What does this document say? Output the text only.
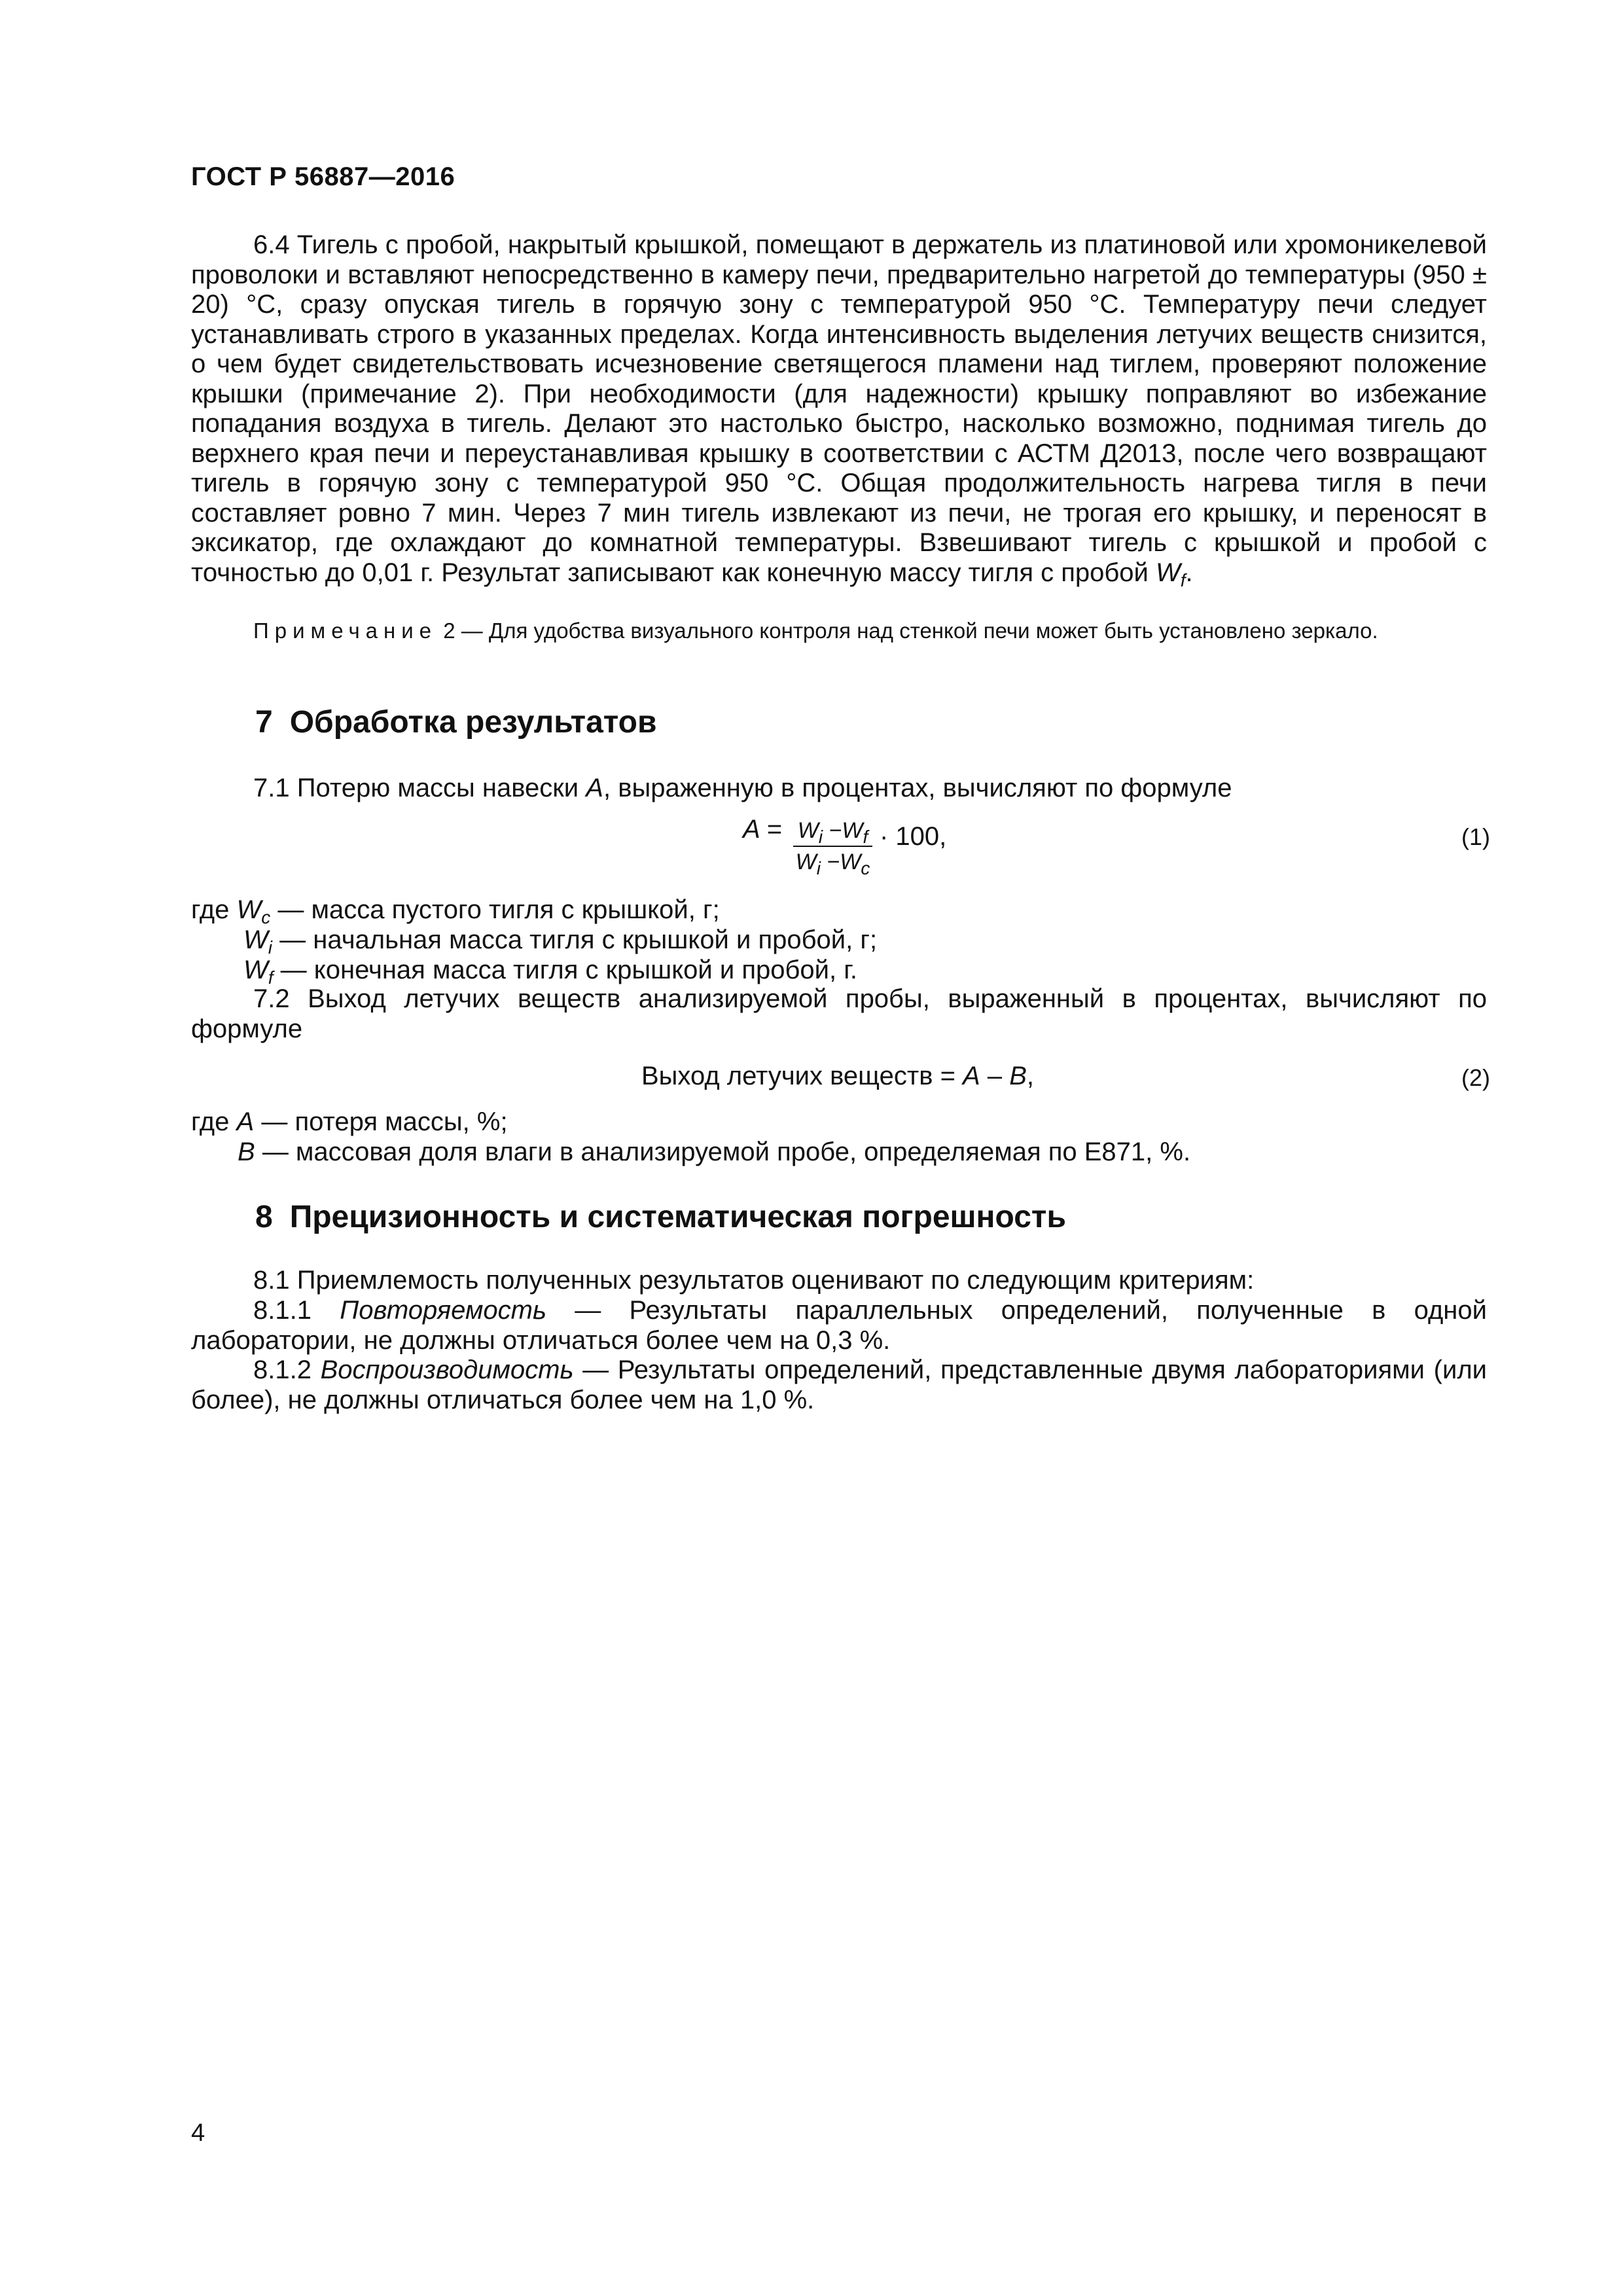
ГОСТ Р 56887—2016

6.4 Тигель с пробой, накрытый крышкой, помещают в держатель из платиновой или хромоникелевой проволоки и вставляют непосредственно в камеру печи, предварительно нагретой до температуры (950 ± 20) °С, сразу опуская тигель в горячую зону с температурой 950 °С. Температуру печи следует устанавливать строго в указанных пределах. Когда интенсивность выделения летучих веществ снизится, о чем будет свидетельствовать исчезновение светящегося пламени над тиглем, проверяют положение крышки (примечание 2). При необходимости (для надежности) крышку поправляют во избежание попадания воздуха в тигель. Делают это настолько быстро, насколько возможно, поднимая тигель до верхнего края печи и переустанавливая крышку в соответствии с АСТМ Д2013, после чего возвращают тигель в горячую зону с температурой 950 °С. Общая продолжительность нагрева тигля в печи составляет ровно 7 мин. Через 7 мин тигель извлекают из печи, не трогая его крышку, и переносят в эксикатор, где охлаждают до комнатной температуры. Взвешивают тигель с крышкой и пробой с точностью до 0,01 г. Результат записывают как конечную массу тигля с пробой $W_f$.

Примечание 2 — Для удобства визуального контроля над стенкой печи может быть установлено зеркало.

7 Обработка результатов
7.1 Потерю массы навески A, выраженную в процентах, вычисляют по формуле
$A = W_i -W_f$
$W_i -W_c$
· 100,	(1)
где $W_c$ — масса пустого тигля с крышкой, г;
$W_i$ — начальная масса тигля с крышкой и пробой, г;
$W_f$ — конечная масса тигля с крышкой и пробой, г.

7.2 Выход летучих веществ анализируемой пробы, выраженный в процентах, вычисляют по формуле

Выход летучих веществ = A – B,	(2)
где A — потеря массы, %;
B — массовая доля влаги в анализируемой пробе, определяемая по Е871, %.
8 Прецизионность и систематическая погрешность
8.1 Приемлемость полученных результатов оценивают по следующим критериям:

8.1.1 Повторяемость — Результаты параллельных определений, полученные в одной лаборатории, не должны отличаться более чем на 0,3 %.

8.1.2 Воспроизводимость — Результаты определений, представленные двумя лабораториями (или более), не должны отличаться более чем на 1,0 %.

4
